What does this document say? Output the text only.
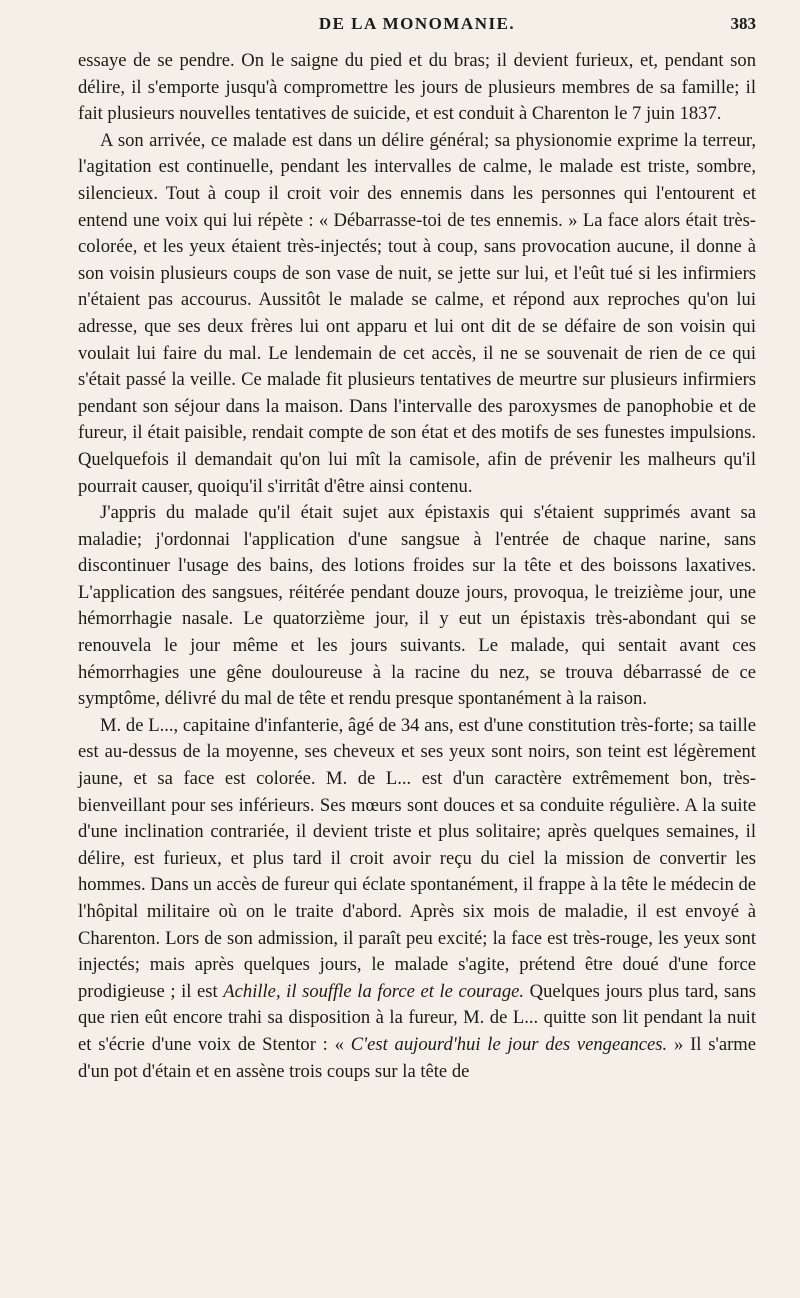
DE LA MONOMANIE.	383

essaye de se pendre. On le saigne du pied et du bras; il devient furieux, et, pendant son délire, il s'emporte jusqu'à compromettre les jours de plusieurs membres de sa famille; il fait plusieurs nouvelles tentatives de suicide, et est conduit à Charenton le 7 juin 1837.

A son arrivée, ce malade est dans un délire général; sa physionomie exprime la terreur, l'agitation est continuelle, pendant les intervalles de calme, le malade est triste, sombre, silencieux. Tout à coup il croit voir des ennemis dans les personnes qui l'entourent et entend une voix qui lui répète : « Débarrasse-toi de tes ennemis. » La face alors était très-colorée, et les yeux étaient très-injectés; tout à coup, sans provocation aucune, il donne à son voisin plusieurs coups de son vase de nuit, se jette sur lui, et l'eût tué si les infirmiers n'étaient pas accourus. Aussitôt le malade se calme, et répond aux reproches qu'on lui adresse, que ses deux frères lui ont apparu et lui ont dit de se défaire de son voisin qui voulait lui faire du mal. Le lendemain de cet accès, il ne se souvenait de rien de ce qui s'était passé la veille. Ce malade fit plusieurs tentatives de meurtre sur plusieurs infirmiers pendant son séjour dans la maison. Dans l'intervalle des paroxysmes de panophobie et de fureur, il était paisible, rendait compte de son état et des motifs de ses funestes impulsions. Quelquefois il demandait qu'on lui mît la camisole, afin de prévenir les malheurs qu'il pourrait causer, quoiqu'il s'irritât d'être ainsi contenu.

J'appris du malade qu'il était sujet aux épistaxis qui s'étaient supprimés avant sa maladie; j'ordonnai l'application d'une sangsue à l'entrée de chaque narine, sans discontinuer l'usage des bains, des lotions froides sur la tête et des boissons laxatives. L'application des sangsues, réitérée pendant douze jours, provoqua, le treizième jour, une hémorrhagie nasale. Le quatorzième jour, il y eut un épistaxis très-abondant qui se renouvela le jour même et les jours suivants. Le malade, qui sentait avant ces hémorrhagies une gêne douloureuse à la racine du nez, se trouva débarrassé de ce symptôme, délivré du mal de tête et rendu presque spontanément à la raison.

M. de L..., capitaine d'infanterie, âgé de 34 ans, est d'une constitution très-forte; sa taille est au-dessus de la moyenne, ses cheveux et ses yeux sont noirs, son teint est légèrement jaune, et sa face est colorée. M. de L... est d'un caractère extrêmement bon, très-bienveillant pour ses inférieurs. Ses mœurs sont douces et sa conduite régulière. A la suite d'une inclination contrariée, il devient triste et plus solitaire; après quelques semaines, il délire, est furieux, et plus tard il croit avoir reçu du ciel la mission de convertir les hommes. Dans un accès de fureur qui éclate spontanément, il frappe à la tête le médecin de l'hôpital militaire où on le traite d'abord. Après six mois de maladie, il est envoyé à Charenton. Lors de son admission, il paraît peu excité; la face est très-rouge, les yeux sont injectés; mais après quelques jours, le malade s'agite, prétend être doué d'une force prodigieuse ; il est Achille, il souffle la force et le courage. Quelques jours plus tard, sans que rien eût encore trahi sa disposition à la fureur, M. de L... quitte son lit pendant la nuit et s'écrie d'une voix de Stentor : « C'est aujourd'hui le jour des vengeances. » Il s'arme d'un pot d'étain et en assène trois coups sur la tête de
